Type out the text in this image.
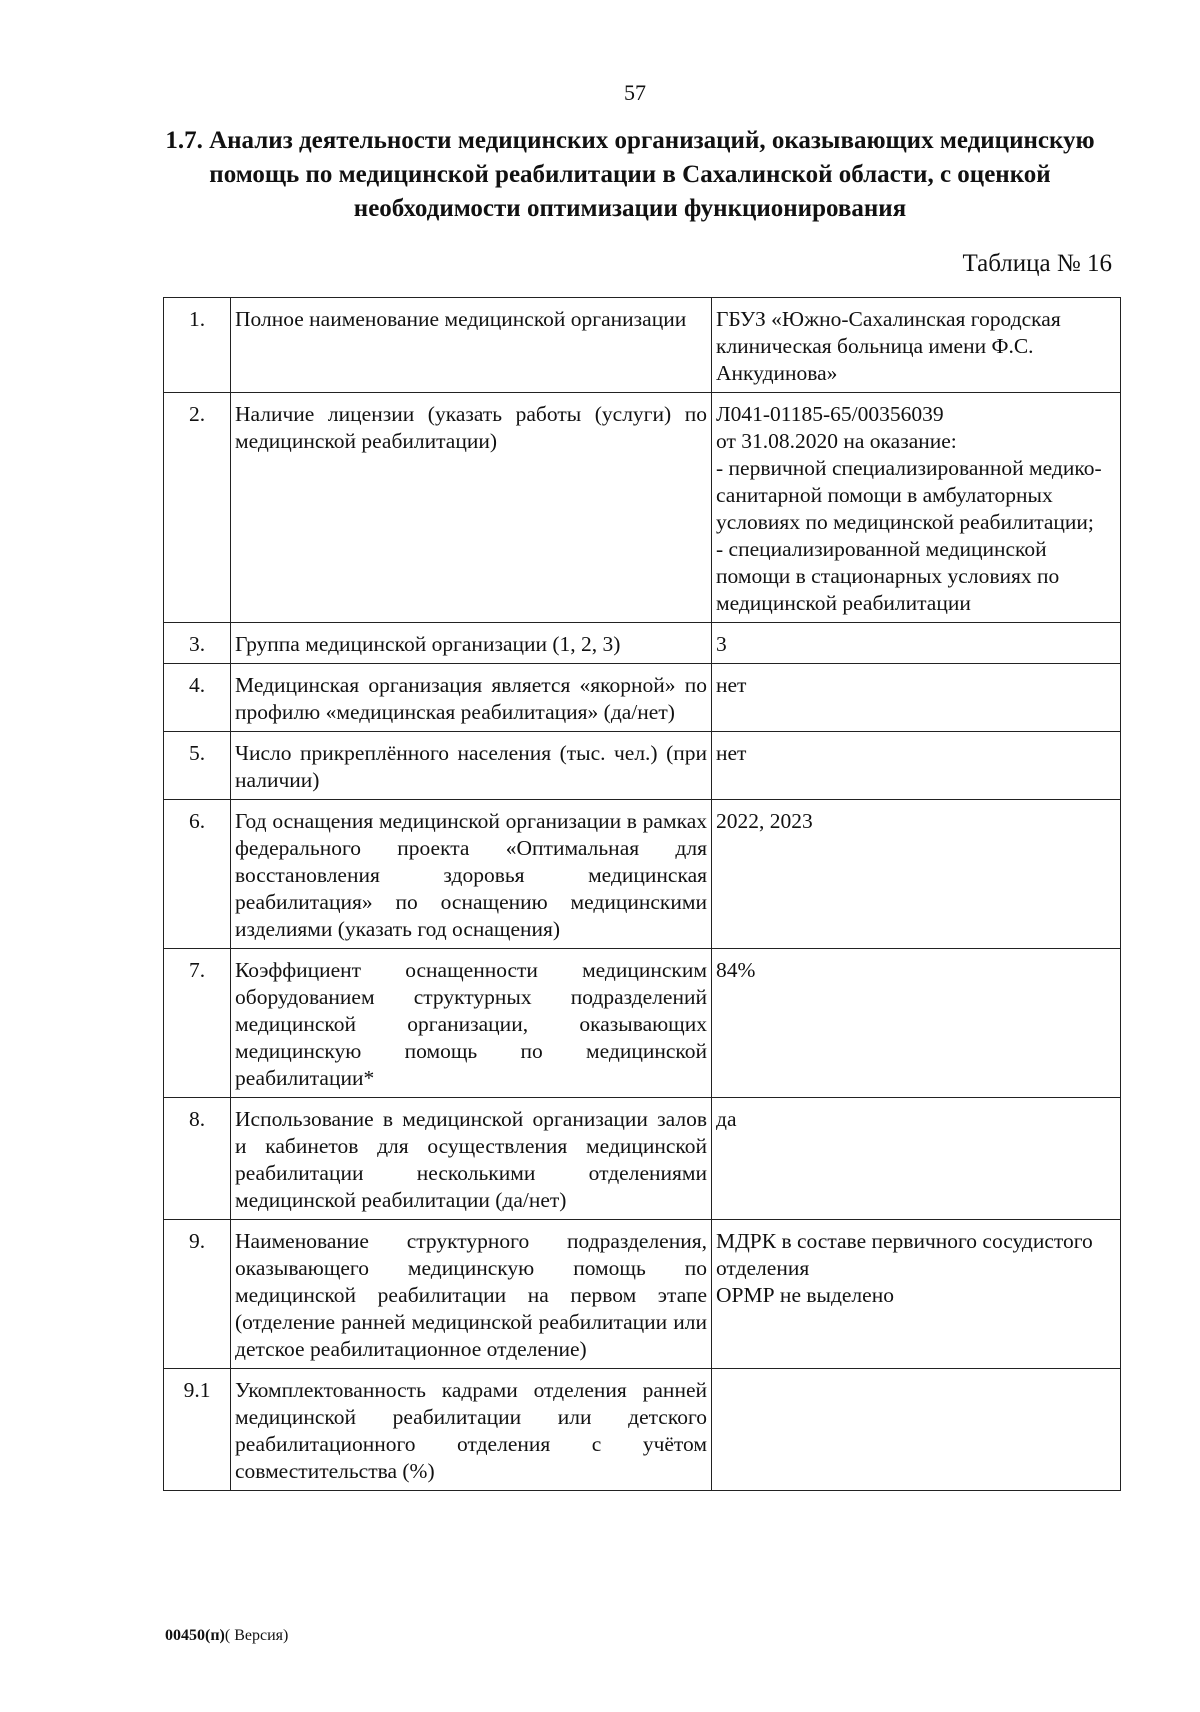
57
1.7. Анализ деятельности медицинских организаций, оказывающих медицинскую помощь по медицинской реабилитации в Сахалинской области, с оценкой необходимости оптимизации функционирования
Таблица № 16
1.	Полное наименование медицинской организации	ГБУЗ «Южно-Сахалинская городская клиническая больница имени Ф.С. Анкудинова»

2.	Наличие лицензии (указать работы (услуги) по медицинской реабилитации)	Л041-01185-65/00356039
от 31.08.2020 на оказание:
- первичной специализированной медико-санитарной помощи в амбулаторных условиях по медицинской реабилитации;
- специализированной медицинской помощи в стационарных условиях по медицинской реабилитации

3.	Группа медицинской организации (1, 2, 3)	3

4.	Медицинская организация является «якорной» по профилю «медицинская реабилитация» (да/нет)	нет

5.	Число прикреплённого населения (тыс. чел.) (при наличии)	нет

6.	Год оснащения медицинской организации в рамках федерального проекта «Оптимальная для восстановления здоровья медицинская реабилитация» по оснащению медицинскими изделиями (указать год оснащения)	2022, 2023

7.	Коэффициент оснащенности медицинским оборудованием структурных подразделений медицинской организации, оказывающих медицинскую помощь по медицинской реабилитации*	84%

8.	Использование в медицинской организации залов и кабинетов для осуществления медицинской реабилитации несколькими отделениями медицинской реабилитации (да/нет)	да

9.	Наименование структурного подразделения, оказывающего медицинскую помощь по медицинской реабилитации на первом этапе (отделение ранней медицинской реабилитации или детское реабилитационное отделение)	МДРК в составе первичного сосудистого отделения
ОРМР не выделено

9.1	Укомплектованность кадрами отделения ранней медицинской реабилитации или детского реабилитационного отделения с учётом совместительства (%)	
00450(п)( Версия)
